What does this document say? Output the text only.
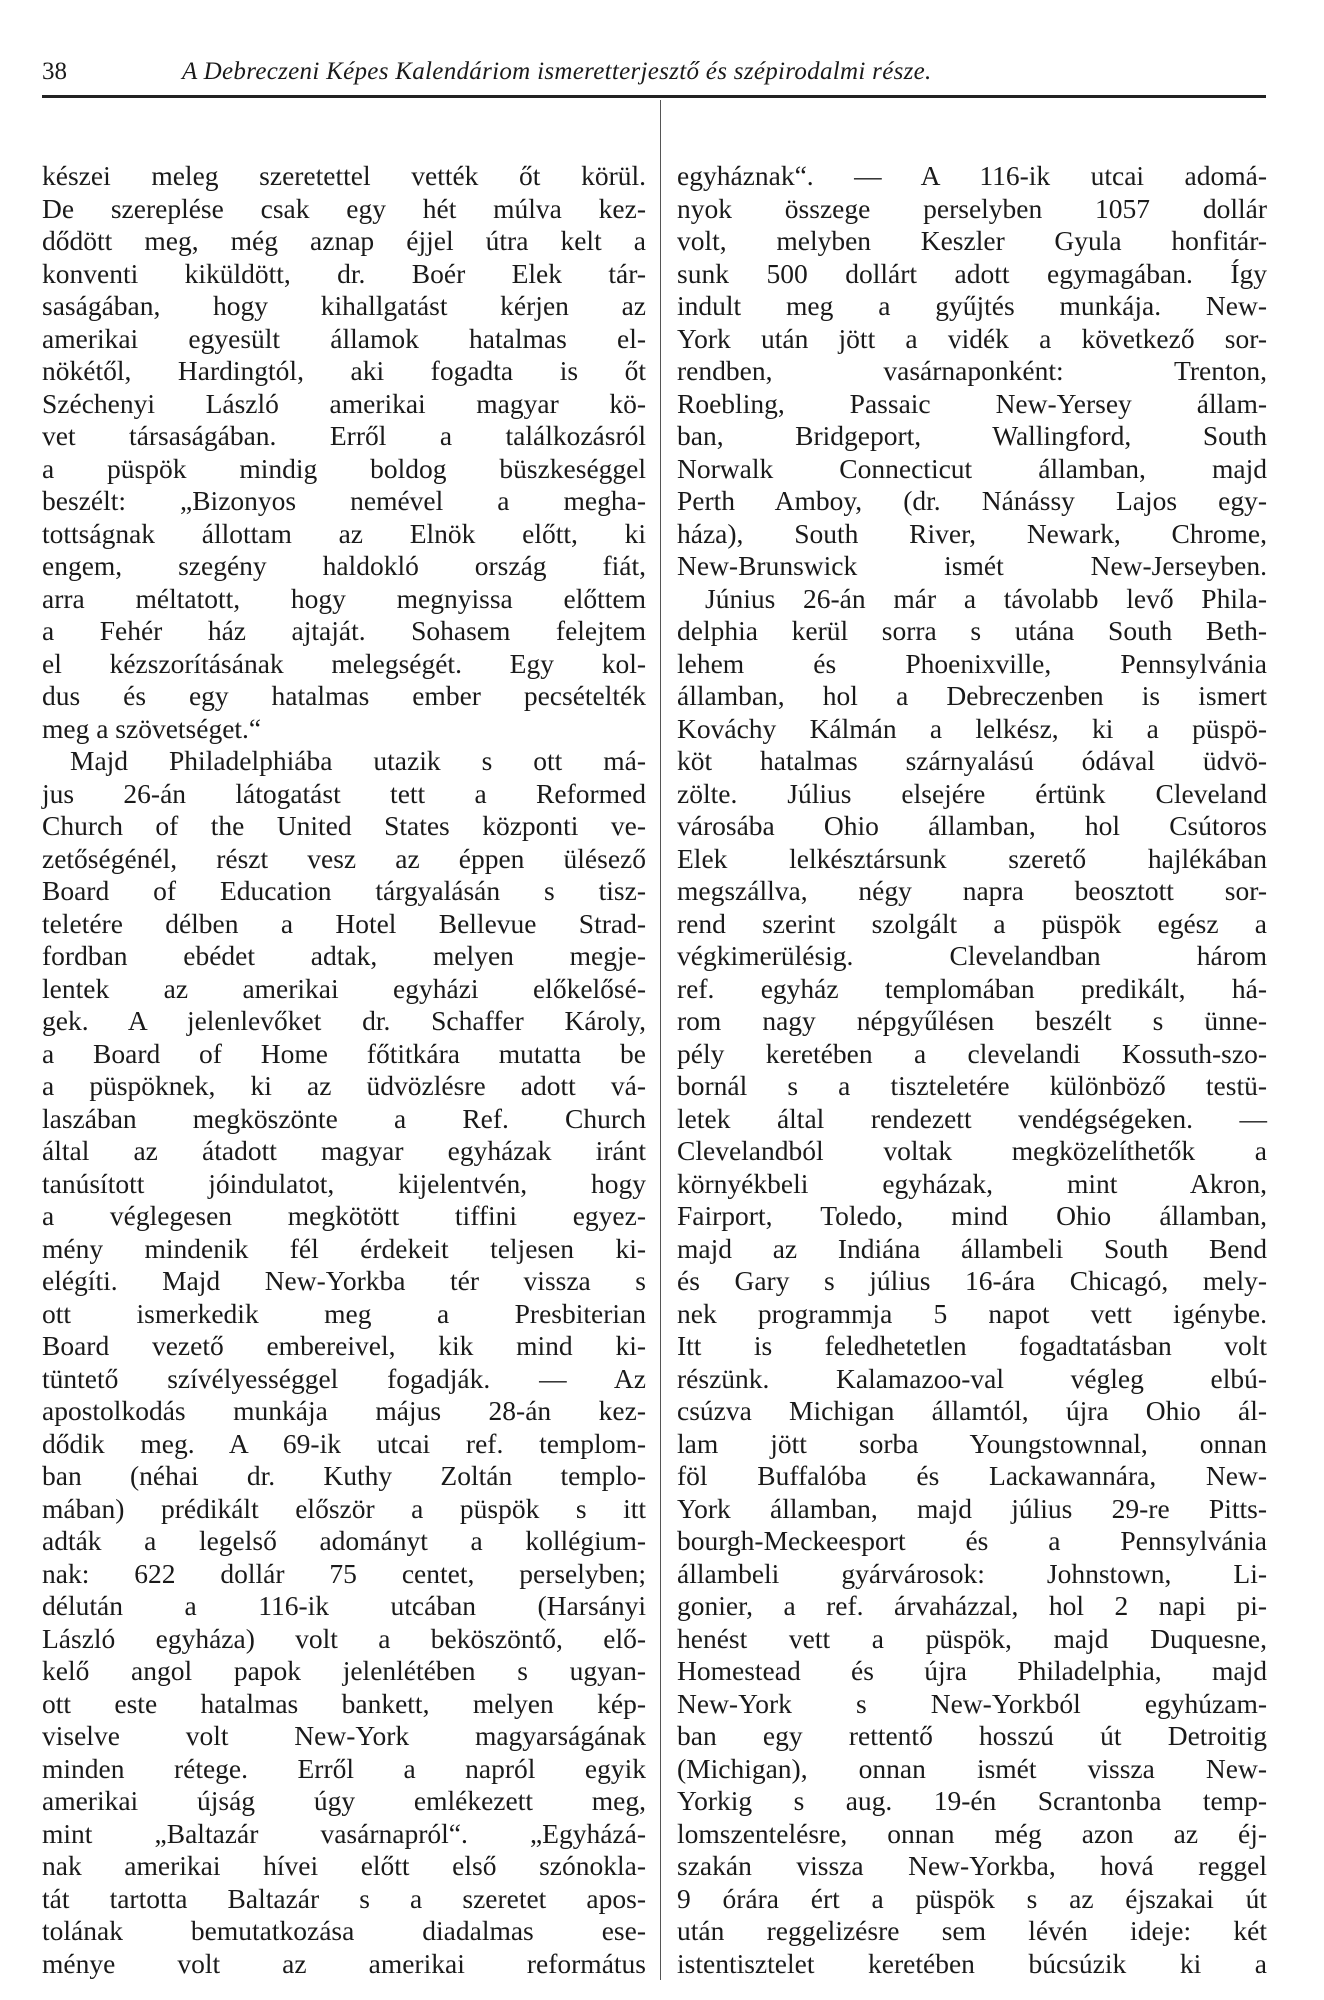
38	A Debreczeni Képes Kalendáriom ismeretterjesztő és szépirodalmi része.
készei meleg szeretettel vették őt körül.
De szereplése csak egy hét múlva kez-
dődött meg, még aznap éjjel útra kelt a
konventi kiküldött, dr. Boér Elek tár-
saságában, hogy kihallgatást kérjen az
amerikai egyesült államok hatalmas el-
nökétől, Hardingtól, aki fogadta is őt
Széchenyi László amerikai magyar kö-
vet társaságában. Erről a találkozásról
a püspök mindig boldog büszkeséggel
beszélt: „Bizonyos nemével a megha-
tottságnak állottam az Elnök előtt, ki
engem, szegény haldokló ország fiát,
arra méltatott, hogy megnyissa előttem
a Fehér ház ajtaját. Sohasem felejtem
el kézszorításának melegségét. Egy kol-
dus és egy hatalmas ember pecsételték
meg a szövetséget.“
Majd Philadelphiába utazik s ott má-
jus 26-án látogatást tett a Reformed
Church of the United States központi ve-
zetőségénél, részt vesz az éppen ülésező
Board of Education tárgyalásán s tisz-
teletére délben a Hotel Bellevue Strad-
fordban ebédet adtak, melyen megje-
lentek az amerikai egyházi előkelősé-
gek. A jelenlevőket dr. Schaffer Károly,
a Board of Home főtitkára mutatta be
a püspöknek, ki az üdvözlésre adott vá-
laszában megköszönte a Ref. Church
által az átadott magyar egyházak iránt
tanúsított jóindulatot, kijelentvén, hogy
a véglegesen megkötött tiffini egyez-
mény mindenik fél érdekeit teljesen ki-
elégíti. Majd New-Yorkba tér vissza s
ott ismerkedik meg a Presbiterian
Board vezető embereivel, kik mind ki-
tüntető szívélyességgel fogadják. — Az
apostolkodás munkája május 28-án kez-
dődik meg. A 69-ik utcai ref. templom-
ban (néhai dr. Kuthy Zoltán templo-
mában) prédikált először a püspök s itt
adták a legelső adományt a kollégium-
nak: 622 dollár 75 centet, perselyben;
délután a 116-ik utcában (Harsányi
László egyháza) volt a beköszöntő, elő-
kelő angol papok jelenlétében s ugyan-
ott este hatalmas bankett, melyen kép-
viselve volt New-York magyarságának
minden rétege. Erről a napról egyik
amerikai újság úgy emlékezett meg,
mint „Baltazár vasárnapról“. „Egyházá-
nak amerikai hívei előtt első szónokla-
tát tartotta Baltazár s a szeretet apos-
tolának bemutatkozása diadalmas ese-
ménye volt az amerikai református
egyháznak“. — A 116-ik utcai adomá-
nyok összege perselyben 1057 dollár
volt, melyben Keszler Gyula honfitár-
sunk 500 dollárt adott egymagában. Így
indult meg a gyűjtés munkája. New-
York után jött a vidék a következő sor-
rendben, vasárnaponként: Trenton,
Roebling, Passaic New-Yersey állam-
ban, Bridgeport, Wallingford, South
Norwalk Connecticut államban, majd
Perth Amboy, (dr. Nánássy Lajos egy-
háza), South River, Newark, Chrome,
New-Brunswick ismét New-Jerseyben.
Június 26-án már a távolabb levő Phila-
delphia kerül sorra s utána South Beth-
lehem és Phoenixville, Pennsylvánia
államban, hol a Debreczenben is ismert
Kováchy Kálmán a lelkész, ki a püspö-
köt hatalmas szárnyalású ódával üdvö-
zölte. Július elsejére értünk Cleveland
városába Ohio államban, hol Csútoros
Elek lelkésztársunk szerető hajlékában
megszállva, négy napra beosztott sor-
rend szerint szolgált a püspök egész a
végkimerülésig. Clevelandban három
ref. egyház templomában predikált, há-
rom nagy népgyűlésen beszélt s ünne-
pély keretében a clevelandi Kossuth-szo-
bornál s a tiszteletére különböző testü-
letek által rendezett vendégségeken. —
Clevelandból voltak megközelíthetők a
környékbeli egyházak, mint Akron,
Fairport, Toledo, mind Ohio államban,
majd az Indiána állambeli South Bend
és Gary s július 16-ára Chicagó, mely-
nek programmja 5 napot vett igénybe.
Itt is feledhetetlen fogadtatásban volt
részünk. Kalamazoo-val végleg elbú-
csúzva Michigan államtól, újra Ohio ál-
lam jött sorba Youngstownnal, onnan
föl Buffalóba és Lackawannára, New-
York államban, majd július 29-re Pitts-
bourgh-Meckeesport és a Pennsylvánia
állambeli gyárvárosok: Johnstown, Li-
gonier, a ref. árvaházzal, hol 2 napi pi-
henést vett a püspök, majd Duquesne,
Homestead és újra Philadelphia, majd
New-York s New-Yorkból egyhúzam-
ban egy rettentő hosszú út Detroitig
(Michigan), onnan ismét vissza New-
Yorkig s aug. 19-én Scrantonba temp-
lomszentelésre, onnan még azon az éj-
szakán vissza New-Yorkba, hová reggel
9 órára ért a püspök s az éjszakai út
után reggelizésre sem lévén ideje: két
istentisztelet keretében búcsúzik ki a
